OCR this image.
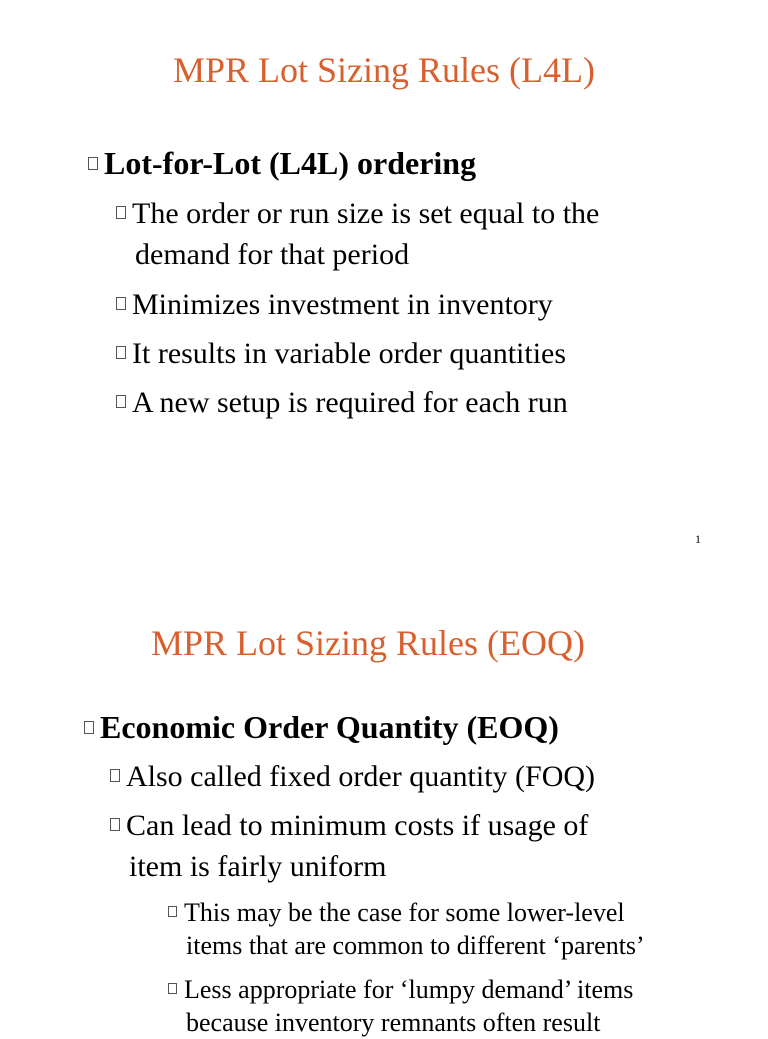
MPR Lot Sizing Rules (L4L)

Lot-for-Lot (L4L) ordering

The order or run size is set equal to the
demand for that period

Minimizes investment in inventory

It results in variable order quantities

A new setup is required for each run

1
MPR Lot Sizing Rules (EOQ)

Economic Order Quantity (EOQ)

Also called fixed order quantity (FOQ)

Can lead to minimum costs if usage of
item is fairly uniform

This may be the case for some lower-level
items that are common to different ‘parents’

Less appropriate for ‘lumpy demand’ items
because inventory remnants often result
